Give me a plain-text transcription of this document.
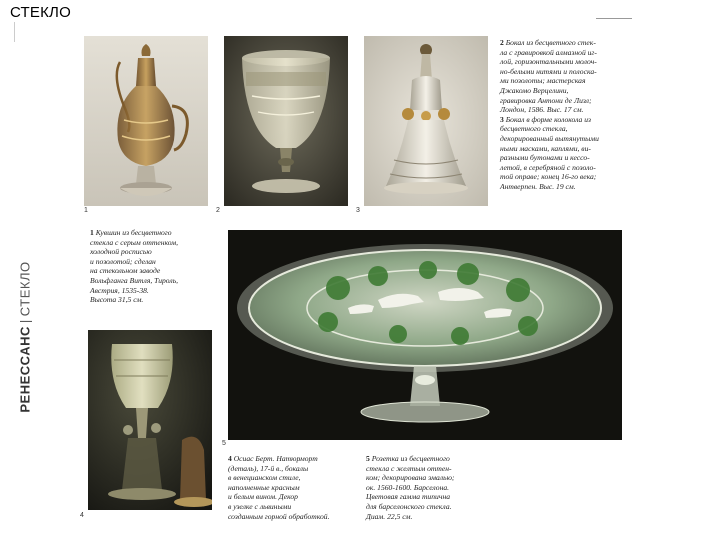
СТЕКЛО
РЕНЕССАНС|СТЕКЛО
1	2	3
2 Бокал из бесцветного стек-
ла с гравировкой алмазной иг-
лой, горизонтальными молоч-
но-белыми нитями и полоска-
ми позолоты; мастерская
Джакомо Верцелини,
гравировка Антони де Лизл;
Лондон, 1586. Выс. 17 см.
3 Бокал в форме колокола из
бесцветного стекла,
декорированный вытянутыми
ными масками, каплями, ви-
разными бутонами и кессо-
летой, в серебряной с позоло-
той оправе; конец 16-го века;
Антверпен. Выс. 19 см.
1 Кувшин из бесцветного
стекла с серым оттенком,
холодной росписью
и позолотой; сделан
на стекольном заводе
Вольфганга Витля, Тироль,
Австрия, 1535-38.
Высота 31,5 см.
5
4
4 Осиас Берт. Натюрморт
(деталь), 17-й в., бокалы
в венецианском стиле,
наполненные красным
и белым вином. Декор
в узелке с львиными
созданным горной обработкой.
5 Розетка из бесцветного
стекла с желтым оттен-
ком; декорирована эмалью;
ок. 1560-1600. Барселона.
Цветовая гамма типична
для барселонского стекла.
Диам. 22,5 см.
